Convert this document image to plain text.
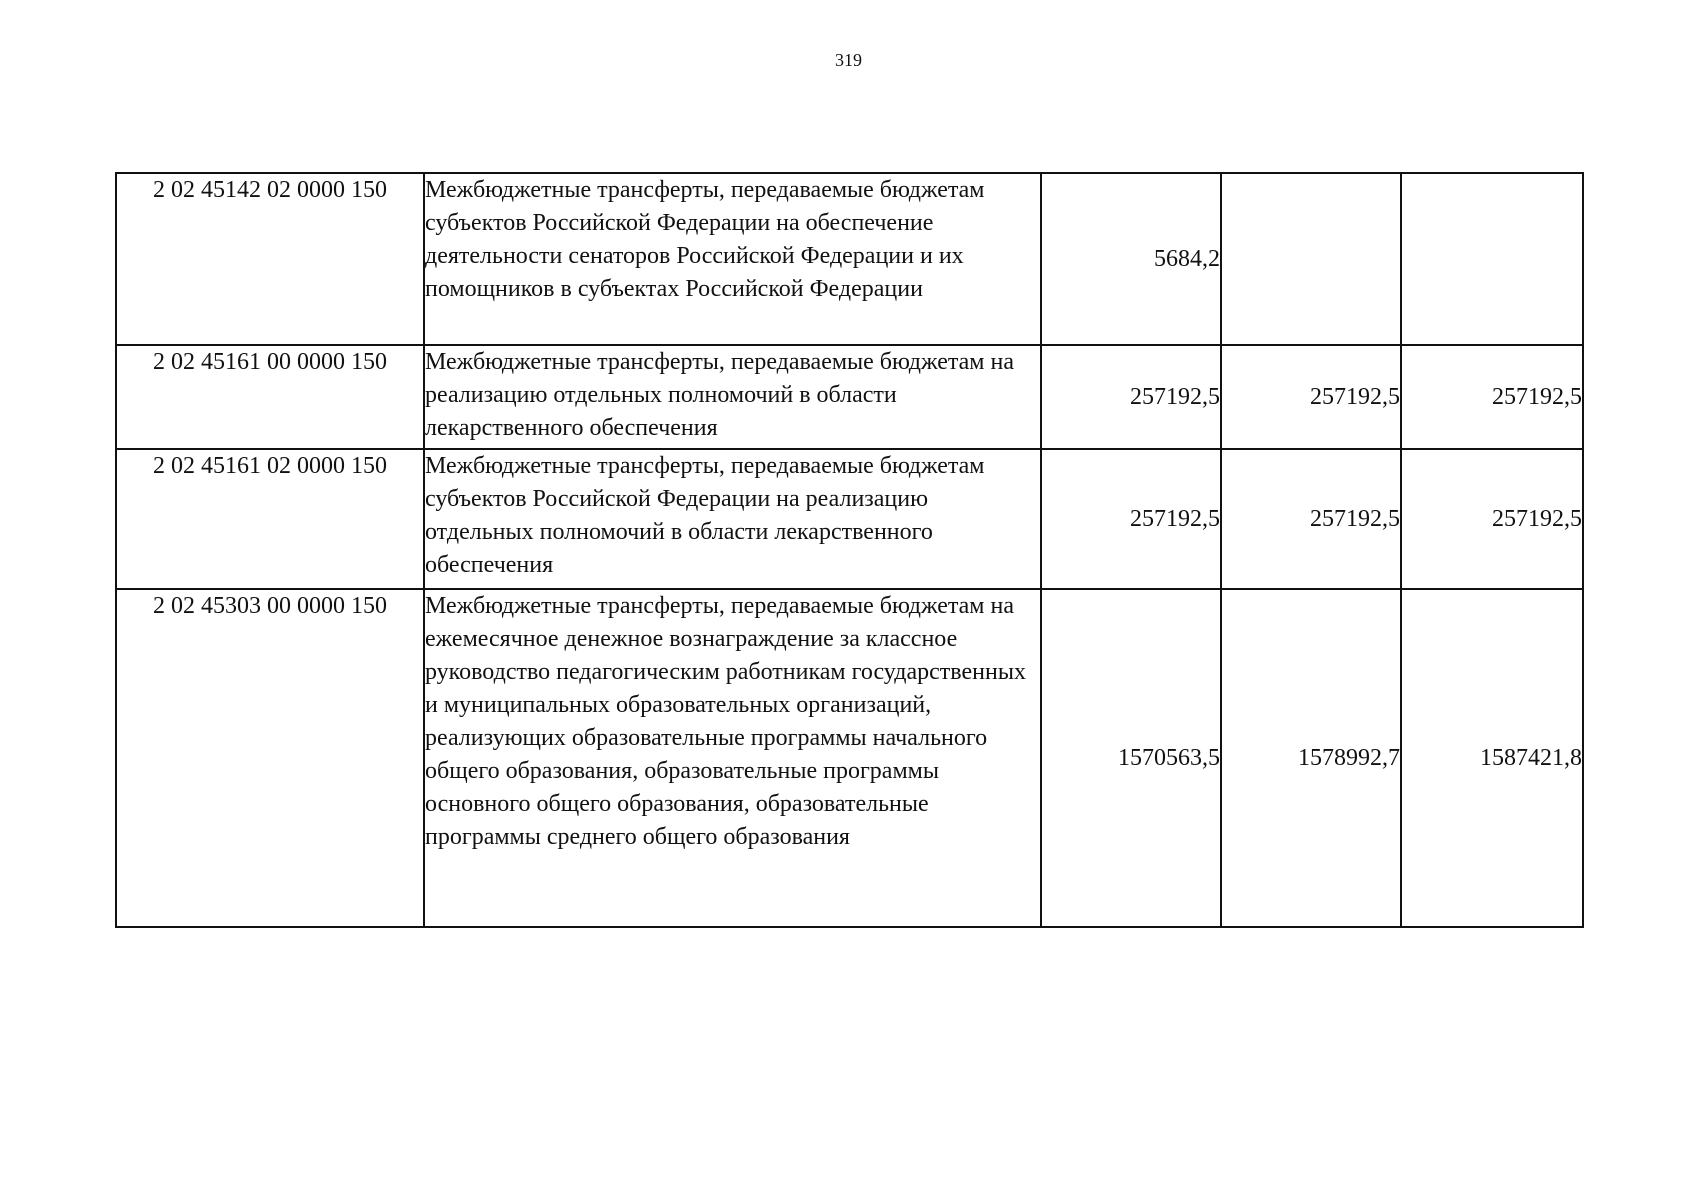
319
2 02 45142 02 0000 150	Межбюджетные трансферты, передаваемые бюджетам субъектов Российской Федерации на обеспечение деятельности сенаторов Российской Федерации и их помощников в субъектах Российской Федерации	5684,2		
2 02 45161 00 0000 150	Межбюджетные трансферты, передаваемые бюджетам на реализацию отдельных полномочий в области лекарственного обеспечения	257192,5	257192,5	257192,5
2 02 45161 02 0000 150	Межбюджетные трансферты, передаваемые бюджетам субъектов Российской Федерации на реализацию отдельных полномочий в области лекарственного обеспечения	257192,5	257192,5	257192,5
2 02 45303 00 0000 150	Межбюджетные трансферты, передаваемые бюджетам на ежемесячное денежное вознаграждение за классное руководство педагогическим работникам государственных и муниципальных образовательных организаций, реализующих образовательные программы начального общего образования, образовательные программы основного общего образования, образовательные программы среднего общего образования	1570563,5	1578992,7	1587421,8
